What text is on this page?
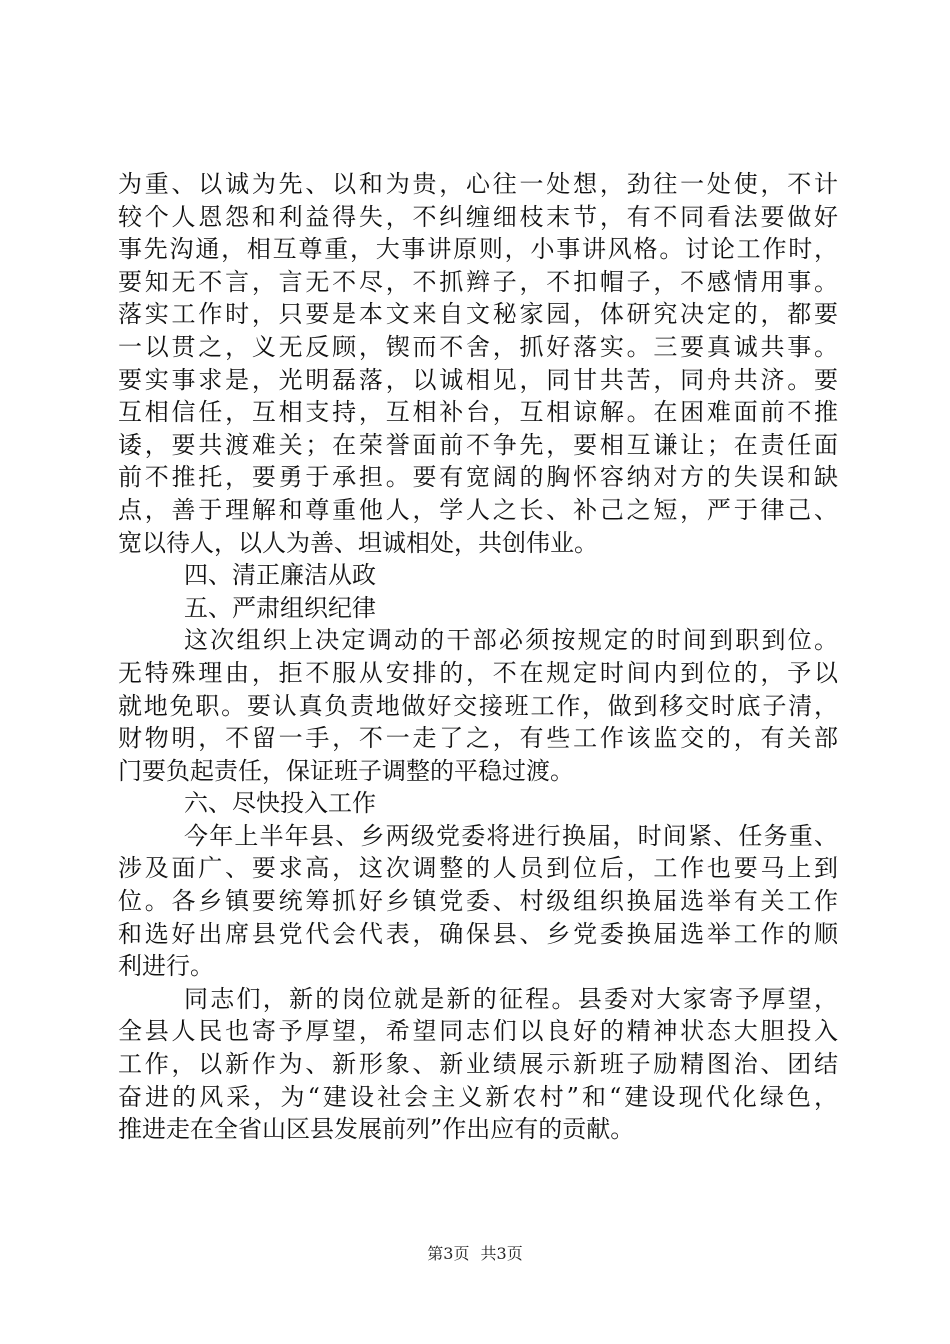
为重、以诚为先、以和为贵，心往一处想，劲往一处使，不计
较个人恩怨和利益得失，不纠缠细枝末节，有不同看法要做好
事先沟通，相互尊重，大事讲原则，小事讲风格。讨论工作时，
要知无不言，言无不尽，不抓辫子，不扣帽子，不感情用事。
落实工作时，只要是本文来自文秘家园，体研究决定的，都要
一以贯之，义无反顾，锲而不舍，抓好落实。三要真诚共事。
要实事求是，光明磊落，以诚相见，同甘共苦，同舟共济。要
互相信任，互相支持，互相补台，互相谅解。在困难面前不推
诿，要共渡难关；在荣誉面前不争先，要相互谦让；在责任面
前不推托，要勇于承担。要有宽阔的胸怀容纳对方的失误和缺
点，善于理解和尊重他人，学人之长、补己之短，严于律己、
宽以待人，以人为善、坦诚相处，共创伟业。
四、清正廉洁从政
五、严肃组织纪律
这次组织上决定调动的干部必须按规定的时间到职到位。
无特殊理由，拒不服从安排的，不在规定时间内到位的，予以
就地免职。要认真负责地做好交接班工作，做到移交时底子清，
财物明，不留一手，不一走了之，有些工作该监交的，有关部
门要负起责任，保证班子调整的平稳过渡。
六、尽快投入工作
今年上半年县、乡两级党委将进行换届，时间紧、任务重、
涉及面广、要求高，这次调整的人员到位后，工作也要马上到
位。各乡镇要统筹抓好乡镇党委、村级组织换届选举有关工作
和选好出席县党代会代表，确保县、乡党委换届选举工作的顺
利进行。
同志们，新的岗位就是新的征程。县委对大家寄予厚望，
全县人民也寄予厚望，希望同志们以良好的精神状态大胆投入
工作，以新作为、新形象、新业绩展示新班子励精图治、团结
奋进的风采，为“建设社会主义新农村”和“建设现代化绿色，
推进走在全省山区县发展前列”作出应有的贡献。
第3页 共3页
